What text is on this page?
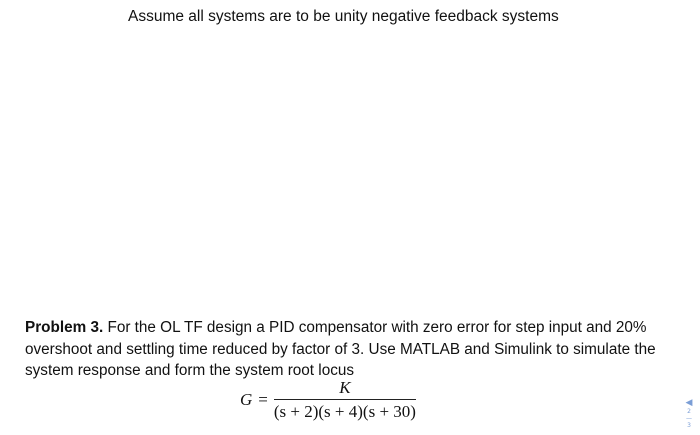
Assume all systems are to be unity negative feedback systems

Problem 3. For the OL TF design a PID compensator with zero error for step input and 20% overshoot and settling time reduced by factor of 3. Use MATLAB and Simulink to simulate the system response and form the system root locus

$G = \frac{K}{(s + 2)(s + 4)(s + 30)}$	◀
2
—
3
